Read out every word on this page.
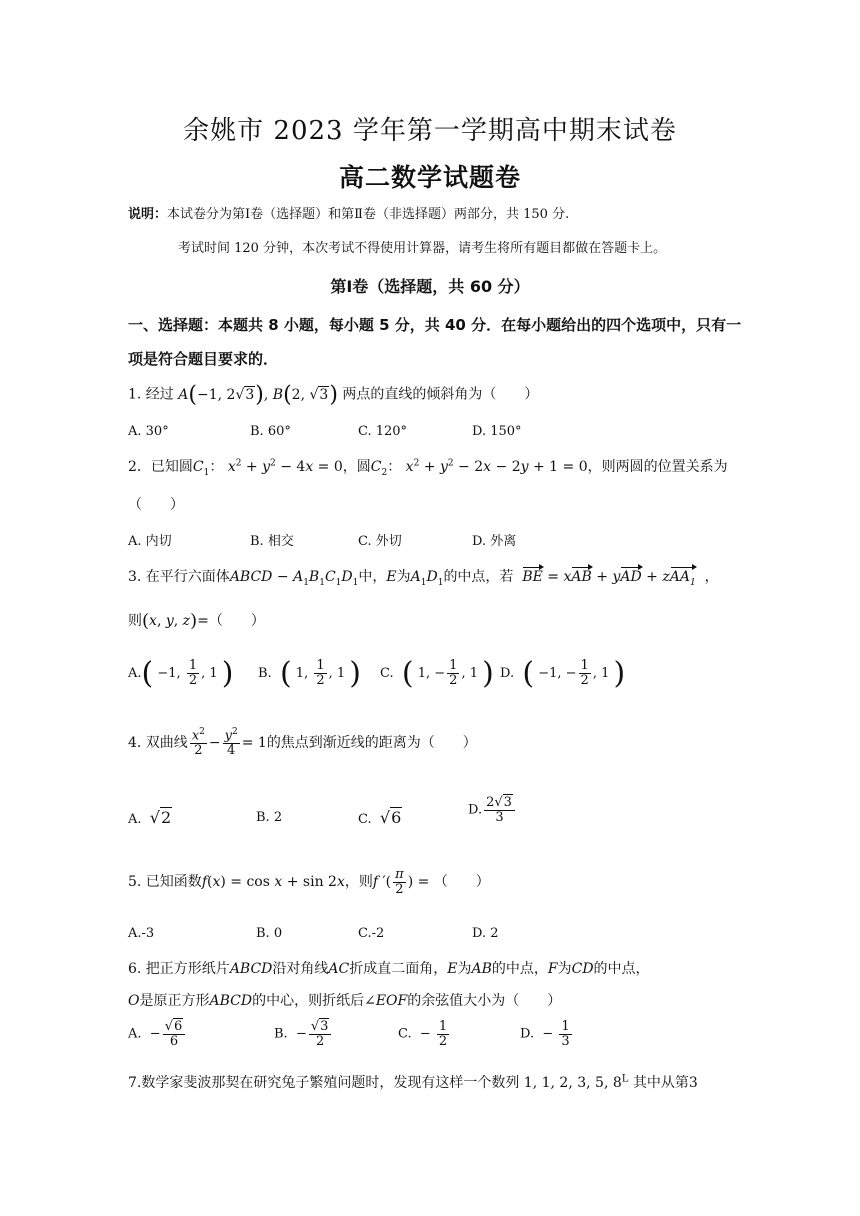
余姚市 2023 学年第一学期高中期末试卷
高二数学试题卷
说明：本试卷分为第Ⅰ卷（选择题）和第Ⅱ卷（非选择题）两部分，共 150 分.
考试时间 120 分钟，本次考试不得使用计算器，请考生将所有题目都做在答题卡上。
第Ⅰ卷（选择题，共 60 分）
一、选择题：本题共 8 小题，每小题 5 分，共 40 分．在每小题给出的四个选项中，只有一
项是符合题目要求的．
1. 经过 A(−1, 2√3), B(2, √3) 两点的直线的倾斜角为（　　）
A. 30°	B. 60°	C. 120°	D. 150°
2．已知圆$C_1$： $x^2 + y^2 - 4x = 0$，圆$C_2$： $x^2 + y^2 - 2x - 2y + 1 = 0$，则两圆的位置关系为
（　　）
A. 内切	B. 相交	C. 外切	D. 外离
3. 在平行六面体ABCD − $A_1B_1C_1D_1$中，E为$A_1D_1$的中点，若 BE = xAB + yAD + zAA$_1$  ，
则(x, y, z)=（　　）
A.( −1, $\frac{1}{2}$ , 1 ) B. ( 1, $\frac{1}{2}$ , 1 ) C. ( 1, − $\frac{1}{2}$ , 1 ) D. ( −1, − $\frac{1}{2}$ , 1 )
4. 双曲线 $\frac{x^2}{2} - \frac{y^2}{4} = 1$的焦点到渐近线的距离为（　　）
A. √2	B. 2	C. √6	D. $\frac{2√3}{3}$
5. 已知函数f(x) = cos x + sin 2x，则f ′( $\frac{\pi}{2}$ ) = （　　）
A.-3	B. 0	C.-2	D. 2
6. 把正方形纸片ABCD沿对角线AC折成直二面角，E为AB的中点，F为CD的中点，
O是原正方形ABCD的中心，则折纸后∠EOF的余弦值大小为（　　）
A.  − $\frac{√6}{6}$	B.  − $\frac{√3}{2}$	C.  − $\frac{1}{2}$	D.  − $\frac{1}{3}$
7.数学家斐波那契在研究兔子繁殖问题时，发现有这样一个数列 1, 1, 2, 3, 5, $8^L$ 其中从第3
